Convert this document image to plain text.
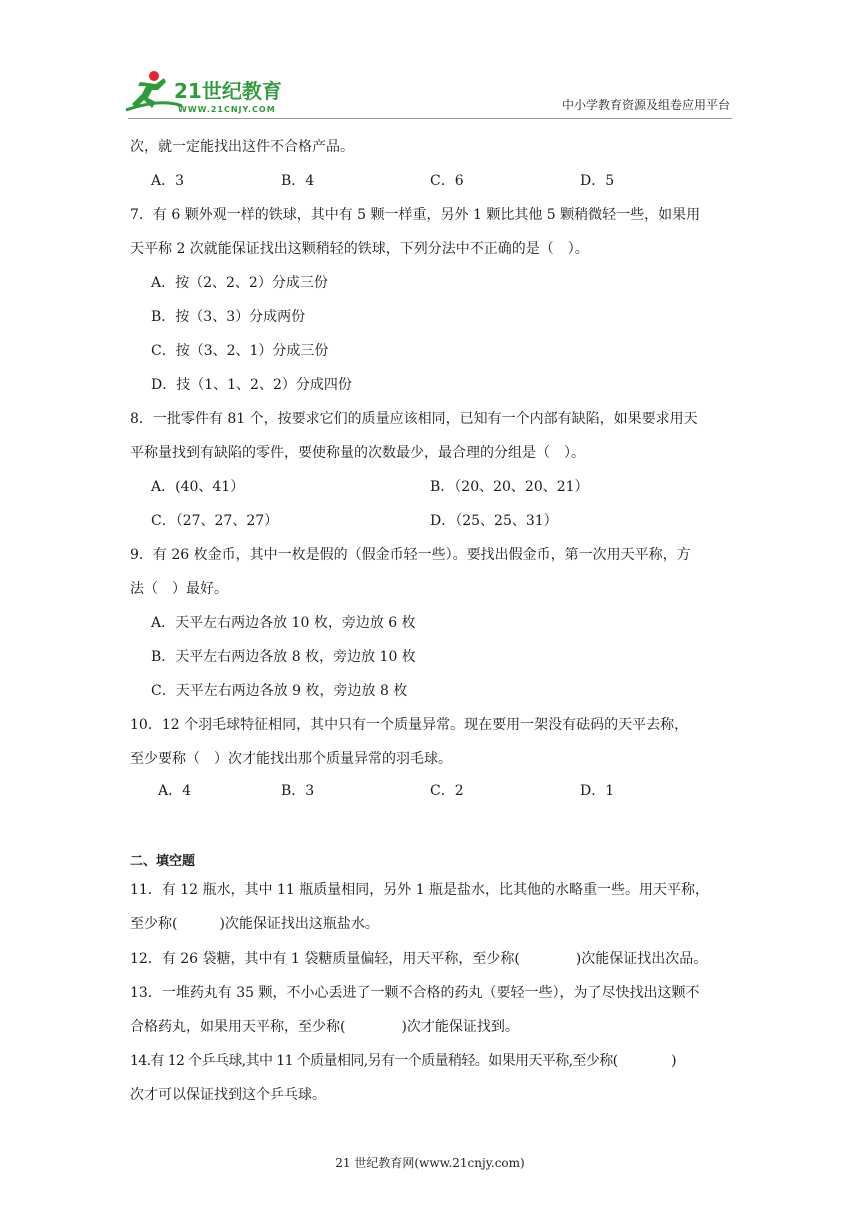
21世纪教育
WWW.21CNJY.COM	中小学教育资源及组卷应用平台
次，就一定能找出这件不合格产品。
A．3	B．4	C．6	D．5
7．有 6 颗外观一样的铁球，其中有 5 颗一样重，另外 1 颗比其他 5 颗稍微轻一些，如果用
天平称 2 次就能保证找出这颗稍轻的铁球，下列分法中不正确的是（　）。
A．按（2、2、2）分成三份
B．按（3、3）分成两份
C．按（3、2、1）分成三份
D．技（1、1、2、2）分成四份
8．一批零件有 81 个，按要求它们的质量应该相同，已知有一个内部有缺陷，如果要求用天
平称量找到有缺陷的零件，要使称量的次数最少，最合理的分组是（　）。
A．(40、41）	B．（20、20、20、21）
C．（27、27、27）	D．（25、25、31）
9．有 26 枚金币，其中一枚是假的（假金币轻一些）。要找出假金币，第一次用天平称，方
法（　）最好。
A．天平左右两边各放 10 枚，旁边放 6 枚
B．天平左右两边各放 8 枚，旁边放 10 枚
C．天平左右两边各放 9 枚，旁边放 8 枚
10．12 个羽毛球特征相同，其中只有一个质量异常。现在要用一架没有砝码的天平去称，
至少要称（　）次才能找出那个质量异常的羽毛球。
A．4	B．3	C．2	D．1
二、填空题
11．有 12 瓶水，其中 11 瓶质量相同，另外 1 瓶是盐水，比其他的水略重一些。用天平称，
至少称(　　　)次能保证找出这瓶盐水。
12．有 26 袋糖，其中有 1 袋糖质量偏轻，用天平称，至少称(　　　　)次能保证找出次品。
13．一堆药丸有 35 颗，不小心丢进了一颗不合格的药丸（要轻一些），为了尽快找出这颗不
合格药丸，如果用天平称，至少称(　　　　)次才能保证找到。
14.有 12 个乒乓球,其中 11 个质量相同,另有一个质量稍轻。如果用天平称,至少称(　　　　)
次才可以保证找到这个乒乓球。
21 世纪教育网(www.21cnjy.com)
